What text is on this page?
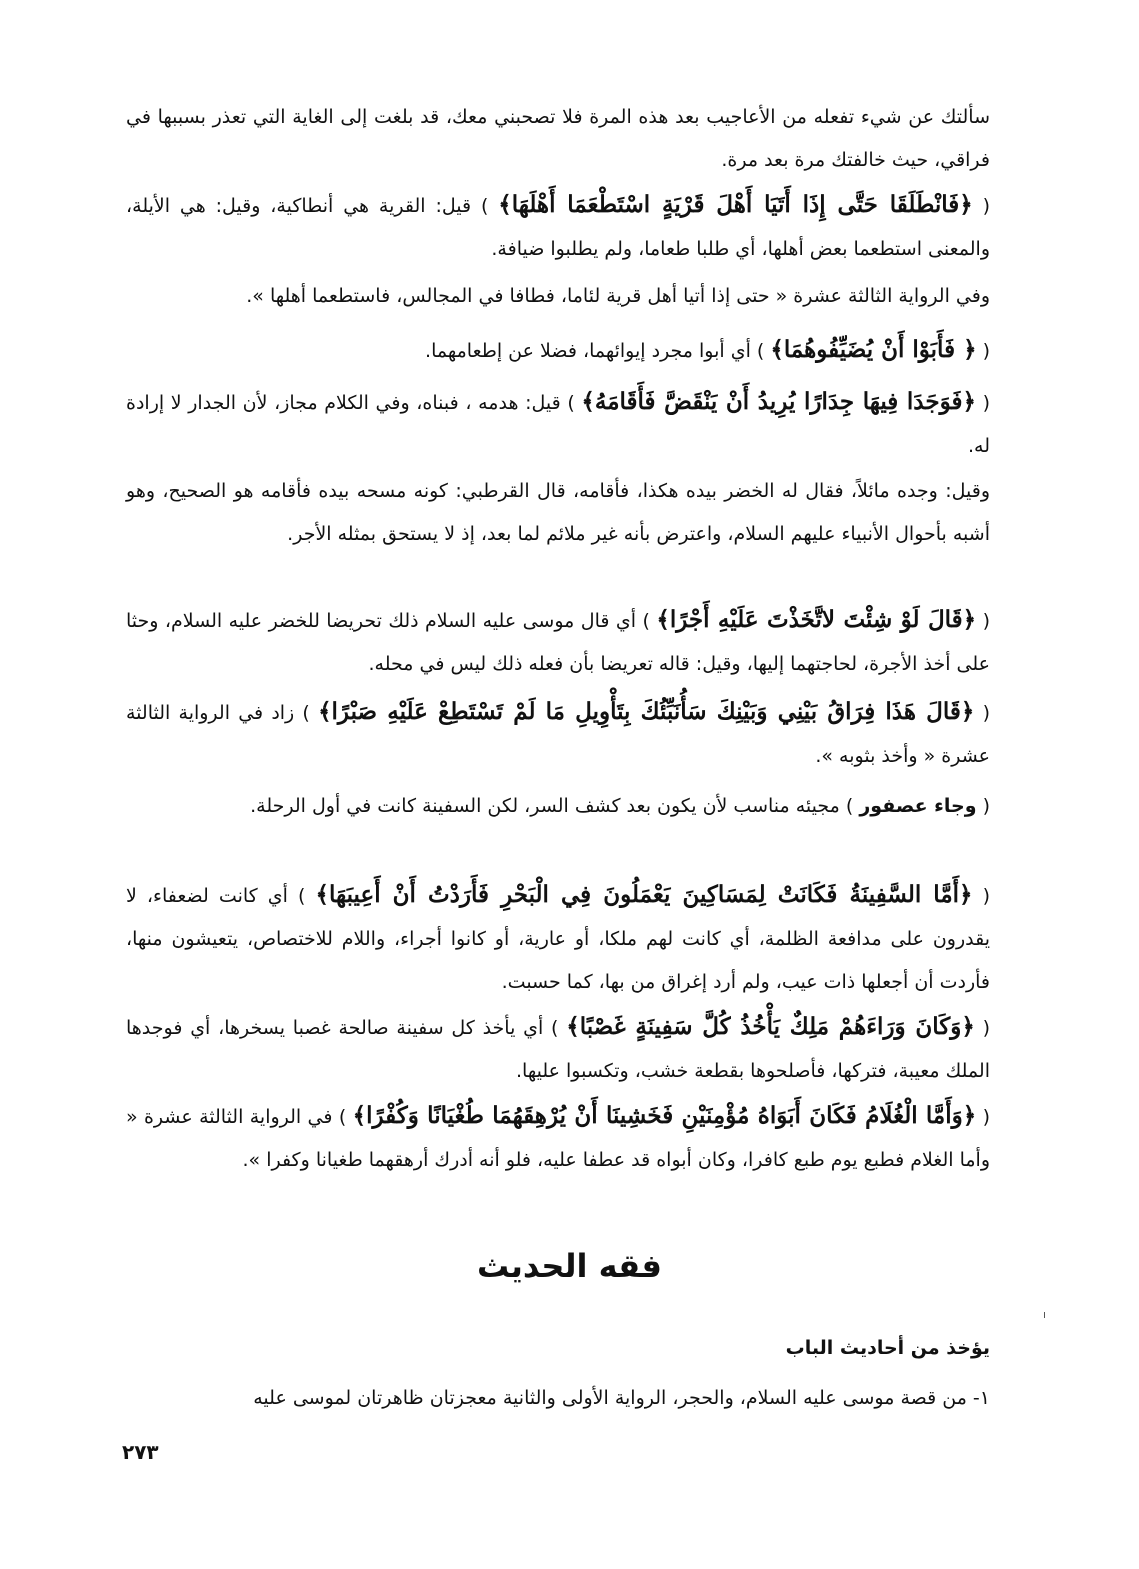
سألتك عن شيء تفعله من الأعاجيب بعد هذه المرة فلا تصحبني معك، قد بلغت إلى الغاية التي تعذر بسببها في فراقي، حيث خالفتك مرة بعد مرة.

( ﴿فَانْطَلَقَا حَتَّى إِذَا أَتَيَا أَهْلَ قَرْيَةٍ اسْتَطْعَمَا أَهْلَهَا﴾ ) قيل: القرية هي أنطاكية، وقيل: هي الأيلة، والمعنى استطعما بعض أهلها، أي طلبا طعاما، ولم يطلبوا ضيافة.

وفي الرواية الثالثة عشرة « حتى إذا أتيا أهل قرية لئاما، فطافا في المجالس، فاستطعما أهلها ».

( ﴿ فَأَبَوْا أَنْ يُضَيِّفُوهُمَا﴾ ) أي أبوا مجرد إيوائهما، فضلا عن إطعامهما.

( ﴿فَوَجَدَا فِيهَا جِدَارًا يُرِيدُ أَنْ يَنْقَضَّ فَأَقَامَهُ﴾ ) قيل: هدمه ، فبناه، وفي الكلام مجاز، لأن الجدار لا إرادة له.

وقيل: وجده مائلاً، فقال له الخضر بيده هكذا، فأقامه، قال القرطبي: كونه مسحه بيده فأقامه هو الصحيح، وهو أشبه بأحوال الأنبياء عليهم السلام، واعترض بأنه غير ملائم لما بعد، إذ لا يستحق بمثله الأجر.

( ﴿قَالَ لَوْ شِئْتَ لاتَّخَذْتَ عَلَيْهِ أَجْرًا﴾ ) أي قال موسى عليه السلام ذلك تحريضا للخضر عليه السلام، وحثا على أخذ الأجرة، لحاجتهما إليها، وقيل: قاله تعريضا بأن فعله ذلك ليس في محله.

( ﴿قَالَ هَذَا فِرَاقُ بَيْنِي وَبَيْنِكَ سَأُنَبِّئُكَ بِتَأْوِيلِ مَا لَمْ تَسْتَطِعْ عَلَيْهِ صَبْرًا﴾ ) زاد في الرواية الثالثة عشرة « وأخذ بثوبه ».

( وجاء عصفور ) مجيئه مناسب لأن يكون بعد كشف السر، لكن السفينة كانت في أول الرحلة.

( ﴿أَمَّا السَّفِينَةُ فَكَانَتْ لِمَسَاكِينَ يَعْمَلُونَ فِي الْبَحْرِ فَأَرَدْتُ أَنْ أَعِيبَهَا﴾ ) أي كانت لضعفاء، لا يقدرون على مدافعة الظلمة، أي كانت لهم ملكا، أو عارية، أو كانوا أجراء، واللام للاختصاص، يتعيشون منها، فأردت أن أجعلها ذات عيب، ولم أرد إغراق من بها، كما حسبت.

( ﴿وَكَانَ وَرَاءَهُمْ مَلِكٌ يَأْخُذُ كُلَّ سَفِينَةٍ غَصْبًا﴾ ) أي يأخذ كل سفينة صالحة غصبا يسخرها، أي فوجدها الملك معيبة، فتركها، فأصلحوها بقطعة خشب، وتكسبوا عليها.

( ﴿وَأَمَّا الْغُلَامُ فَكَانَ أَبَوَاهُ مُؤْمِنَيْنِ فَخَشِينَا أَنْ يُرْهِقَهُمَا طُغْيَانًا وَكُفْرًا﴾ ) في الرواية الثالثة عشرة « وأما الغلام فطبع يوم طبع كافرا، وكان أبواه قد عطفا عليه، فلو أنه أدرك أرهقهما طغيانا وكفرا ».

فقه الحديث
يؤخذ من أحاديث الباب

١- من قصة موسى عليه السلام، والحجر، الرواية الأولى والثانية معجزتان ظاهرتان لموسى عليه

٢٧٣
